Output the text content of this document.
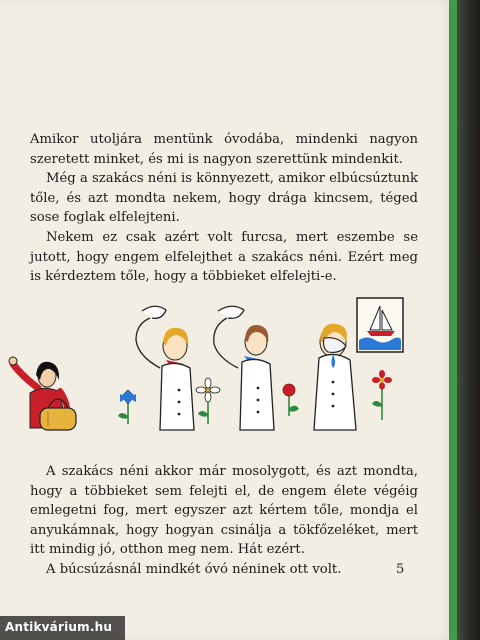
Amikor utoljára mentünk óvodába, mindenki nagyon szeretett minket, és mi is nagyon szerettünk mindenkit.

Még a szakács néni is könnyezett, amikor elbúcsúztunk tőle, és azt mondta nekem, hogy drága kincsem, téged sose foglak elfelejteni.

Nekem ez csak azért volt furcsa, mert eszembe se jutott, hogy engem elfelejthet a szakács néni. Ezért meg is kérdeztem tőle, hogy a többieket elfelejti-e.

A szakács néni akkor már mosolygott, és azt mondta, hogy a többieket sem felejti el, de engem élete végéig emlegetni fog, mert egyszer azt kértem tőle, mondja el anyukámnak, hogy hogyan csinálja a tökfőzeléket, mert itt mindig jó, otthon meg nem. Hát ezért.

A búcsúzásnál mindkét óvó néninek ott volt.	5
Antikvárium.hu
